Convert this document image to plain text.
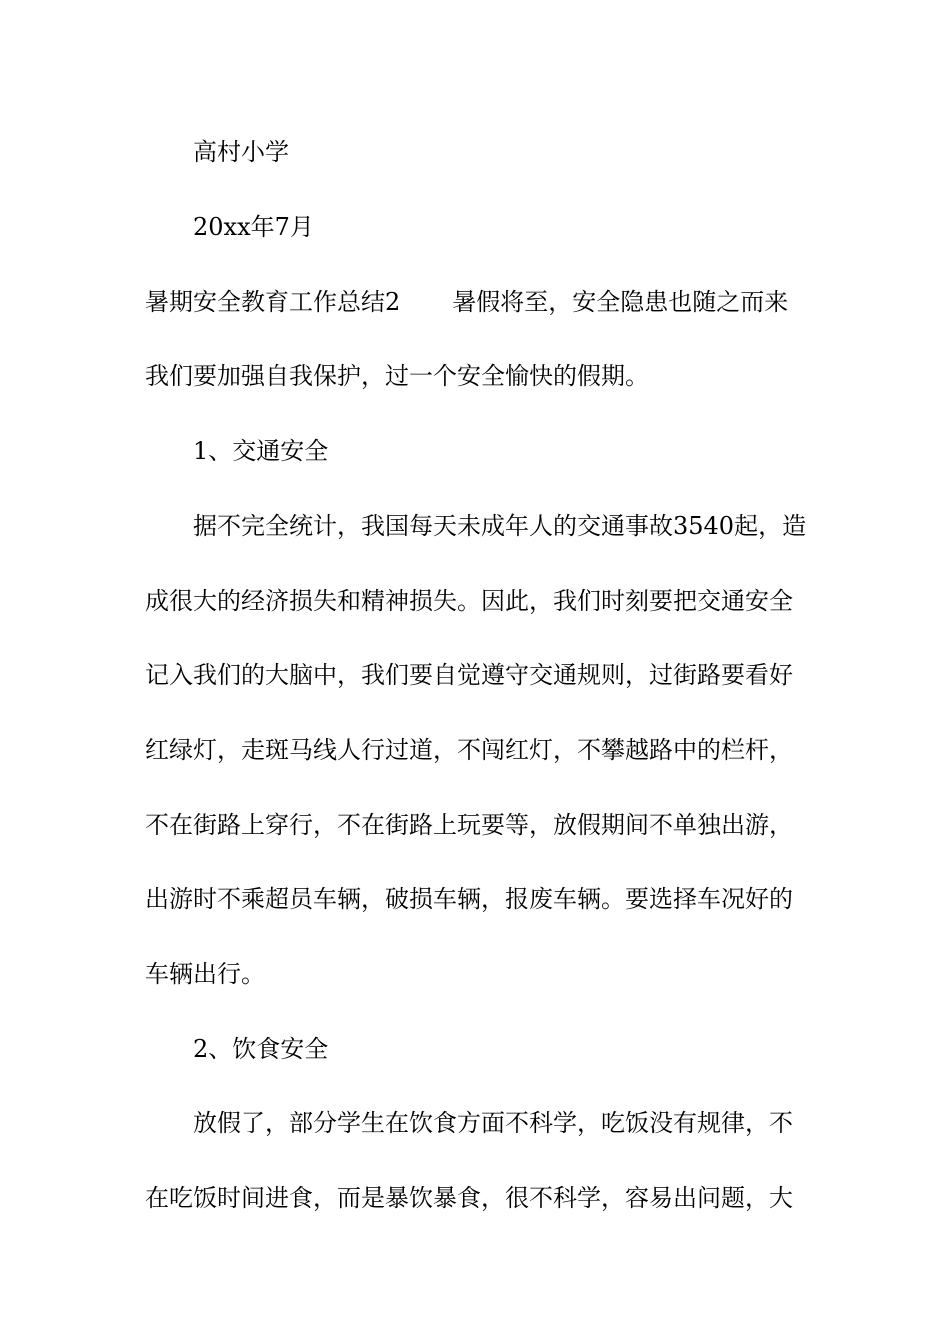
高村小学
20xx年7月
暑期安全教育工作总结2 暑假将至，安全隐患也随之而来
我们要加强自我保护，过一个安全愉快的假期。
1、交通安全
据不完全统计，我国每天未成年人的交通事故3540起，造
成很大的经济损失和精神损失。因此，我们时刻要把交通安全
记入我们的大脑中，我们要自觉遵守交通规则，过街路要看好
红绿灯，走斑马线人行过道，不闯红灯，不攀越路中的栏杆，
不在街路上穿行，不在街路上玩要等，放假期间不单独出游，
出游时不乘超员车辆，破损车辆，报废车辆。要选择车况好的
车辆出行。
2、饮食安全
放假了，部分学生在饮食方面不科学，吃饭没有规律，不
在吃饭时间进食，而是暴饮暴食，很不科学，容易出问题，大
